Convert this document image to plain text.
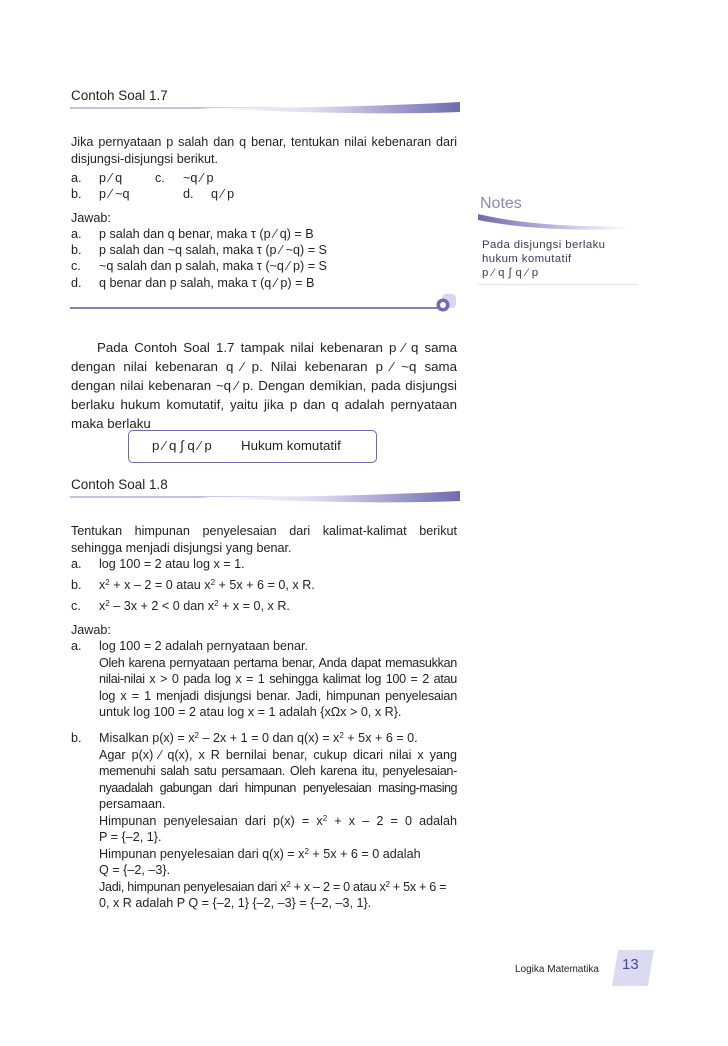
Contoh Soal 1.7
Jika pernyataan p salah dan q benar, tentukan nilai kebenaran dari
disjungsi-disjungsi berikut.
a. p ⁄ q	c. ~q ⁄ p
b. p ⁄ ~q	d. q ⁄ p
Jawab:
a. p salah dan q benar, maka τ (p ⁄ q) = B
b. p salah dan ~q salah, maka τ (p ⁄ ~q) = S
c. ~q salah dan p salah, maka τ (~q ⁄ p) = S
d. q benar dan p salah, maka τ (q ⁄ p) = B
Notes
Pada disjungsi berlaku
hukum komutatif
p ⁄ q ∫ q ⁄ p
Pada Contoh Soal 1.7 tampak nilai kebenaran p ⁄ q sama
dengan nilai kebenaran q ⁄ p. Nilai kebenaran p ⁄ ~q sama
dengan nilai kebenaran ~q ⁄ p. Dengan demikian, pada disjungsi
berlaku hukum komutatif, yaitu jika p dan q adalah pernyataan
maka berlaku
p ⁄ q ∫ q ⁄ p Hukum komutatif
Contoh Soal 1.8
Tentukan himpunan penyelesaian dari kalimat-kalimat berikut
sehingga menjadi disjungsi yang benar.
a. log 100 = 2 atau log x = 1.
b. $x^2 + x - 2 = 0$ atau $x^2 + 5x + 6 = 0$, x R.
c. $x^2 - 3x + 2 < 0$ dan $x^2 + x = 0$, x R.
Jawab:
a. log 100 = 2 adalah pernyataan benar.
Oleh karena pernyataan pertama benar, Anda dapat memasukkan
nilai-nilai x > 0 pada log x = 1 sehingga kalimat log 100 = 2 atau
log x = 1 menjadi disjungsi benar. Jadi, himpunan penyelesaian
untuk log 100 = 2 atau log x = 1 adalah {xΩx > 0, x R}.
b. Misalkan $p(x) = x^2 - 2x + 1 = 0$ dan $q(x) = x^2 + 5x + 6 = 0$.
Agar p(x) ⁄ q(x), x R bernilai benar, cukup dicari nilai x yang
memenuhi salah satu persamaan. Oleh karena itu, penyelesaian-
nyaadalah gabungan dari himpunan penyelesaian masing-masing
persamaan.
Himpunan penyelesaian dari $p(x) = x^2 + x - 2 = 0$ adalah
P = {–2, 1}.
Himpunan penyelesaian dari $q(x) = x^2 + 5x + 6 = 0$ adalah
Q = {–2, –3}.
Jadi, himpunan penyelesaian dari $x^2 + x - 2 = 0$ atau $x^2 + 5x + 6$ =
0, x R adalah P Q = {–2, 1} {–2, –3} = {–2, –3, 1}.
Logika Matematika 13
